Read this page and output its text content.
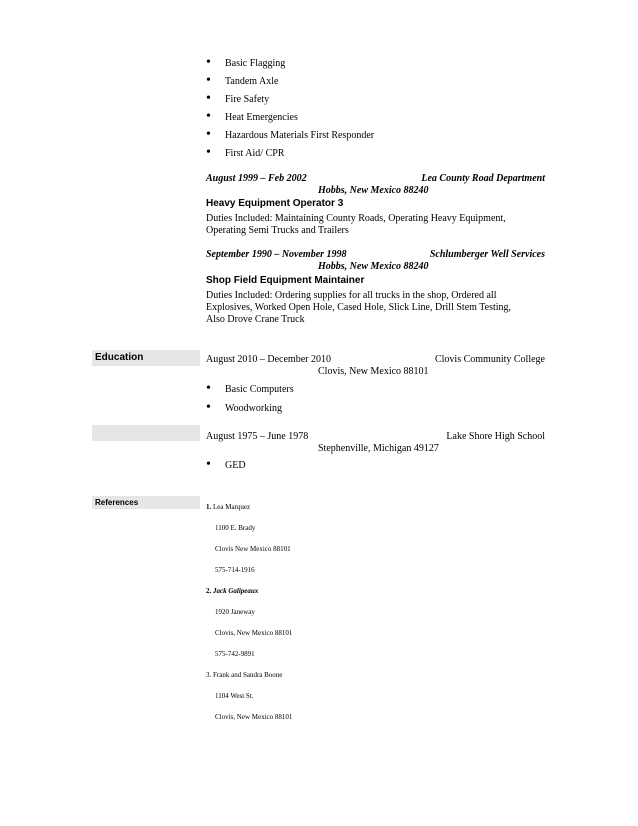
• Basic Flagging
• Tandem Axle
• Fire Safety
• Heat Emergencies
• Hazardous Materials First Responder
• First Aid/ CPR
August 1999 – Feb 2002	Lea County Road Department
Hobbs, New Mexico 88240
Heavy Equipment Operator 3
Duties Included: Maintaining County Roads, Operating Heavy Equipment,
Operating Semi Trucks and Trailers
September 1990 – November 1998	Schlumberger Well Services
Hobbs, New Mexico 88240
Shop Field Equipment Maintainer
Duties Included: Ordering supplies for all trucks in the shop, Ordered all
Explosives, Worked Open Hole, Cased Hole, Slick Line, Drill Stem Testing,
Also Drove Crane Truck
Education	August 2010 – December 2010	Clovis Community College
Clovis, New Mexico 88101
• Basic Computers
• Woodworking
August 1975 – June 1978	Lake Shore High School
Stephenville, Michigan 49127
• GED
References	1. Lea Marquez
1100 E. Brady
Clovis New Mexico 88101
575-714-1916
2. Jack Galipeaux
1920 Janeway
Clovis, New Mexico 88101
575-742-9891
3. Frank and Sandra Boone
1104 West St.
Clovis, New Mexico 88101
